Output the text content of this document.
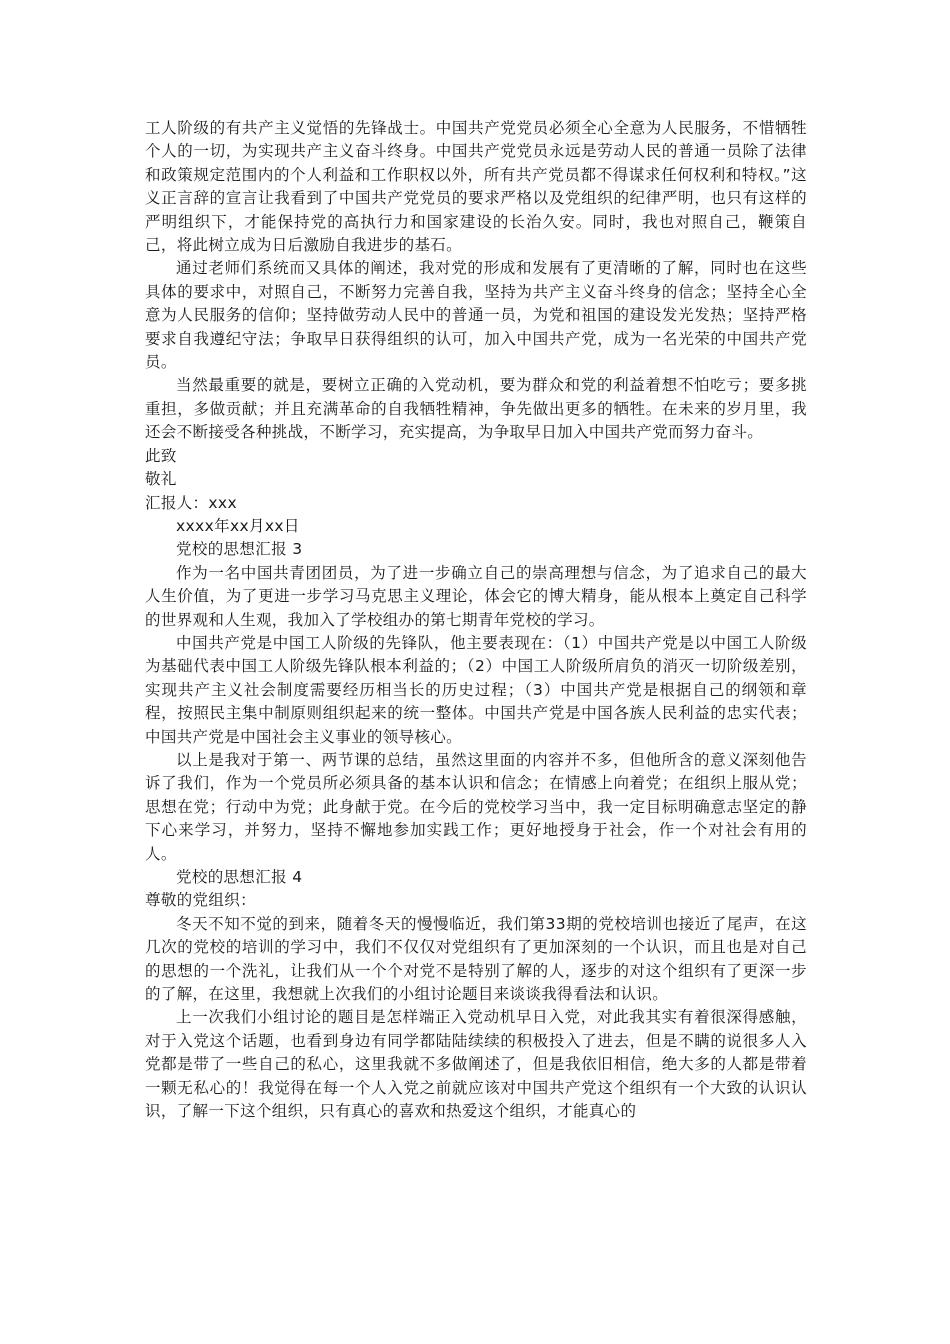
工人阶级的有共产主义觉悟的先锋战士。中国共产党党员必须全心全意为人民服务，不惜牺牲个人的一切，为实现共产主义奋斗终身。中国共产党党员永远是劳动人民的普通一员除了法律和政策规定范围内的个人利益和工作职权以外，所有共产党员都不得谋求任何权利和特权。”这义正言辞的宣言让我看到了中国共产党党员的要求严格以及党组织的纪律严明，也只有这样的严明组织下，才能保持党的高执行力和国家建设的长治久安。同时，我也对照自己，鞭策自己，将此树立成为日后激励自我进步的基石。

通过老师们系统而又具体的阐述，我对党的形成和发展有了更清晰的了解，同时也在这些具体的要求中，对照自己，不断努力完善自我，坚持为共产主义奋斗终身的信念；坚持全心全意为人民服务的信仰；坚持做劳动人民中的普通一员，为党和祖国的建设发光发热；坚持严格要求自我遵纪守法；争取早日获得组织的认可，加入中国共产党，成为一名光荣的中国共产党员。

当然最重要的就是，要树立正确的入党动机，要为群众和党的利益着想不怕吃亏；要多挑重担，多做贡献；并且充满革命的自我牺牲精神，争先做出更多的牺牲。在未来的岁月里，我还会不断接受各种挑战，不断学习，充实提高，为争取早日加入中国共产党而努力奋斗。

此致

敬礼

汇报人：xxx

xxxx年xx月xx日

党校的思想汇报 3

作为一名中国共青团团员，为了进一步确立自己的崇高理想与信念，为了追求自己的最大人生价值，为了更进一步学习马克思主义理论，体会它的博大精身，能从根本上奠定自己科学的世界观和人生观，我加入了学校组办的第七期青年党校的学习。

中国共产党是中国工人阶级的先锋队，他主要表现在：（1）中国共产党是以中国工人阶级为基础代表中国工人阶级先锋队根本利益的；（2）中国工人阶级所肩负的消灭一切阶级差别，实现共产主义社会制度需要经历相当长的历史过程；（3）中国共产党是根据自己的纲领和章程，按照民主集中制原则组织起来的统一整体。中国共产党是中国各族人民利益的忠实代表；中国共产党是中国社会主义事业的领导核心。

以上是我对于第一、两节课的总结，虽然这里面的内容并不多，但他所含的意义深刻他告诉了我们，作为一个党员所必须具备的基本认识和信念；在情感上向着党；在组织上服从党；思想在党；行动中为党；此身献于党。在今后的党校学习当中，我一定目标明确意志坚定的静下心来学习，并努力，坚持不懈地参加实践工作；更好地授身于社会，作一个对社会有用的人。

党校的思想汇报 4

尊敬的党组织：

冬天不知不觉的到来，随着冬天的慢慢临近，我们第33期的党校培训也接近了尾声，在这几次的党校的培训的学习中，我们不仅仅对党组织有了更加深刻的一个认识，而且也是对自己的思想的一个洗礼，让我们从一个个对党不是特别了解的人，逐步的对这个组织有了更深一步的了解，在这里，我想就上次我们的小组讨论题目来谈谈我得看法和认识。

上一次我们小组讨论的题目是怎样端正入党动机早日入党，对此我其实有着很深得感触，对于入党这个话题，也看到身边有同学都陆陆续续的积极投入了进去，但是不瞒的说很多人入党都是带了一些自己的私心，这里我就不多做阐述了，但是我依旧相信，绝大多的人都是带着一颗无私心的！我觉得在每一个人入党之前就应该对中国共产党这个组织有一个大致的认识认识，了解一下这个组织，只有真心的喜欢和热爱这个组织，才能真心的
